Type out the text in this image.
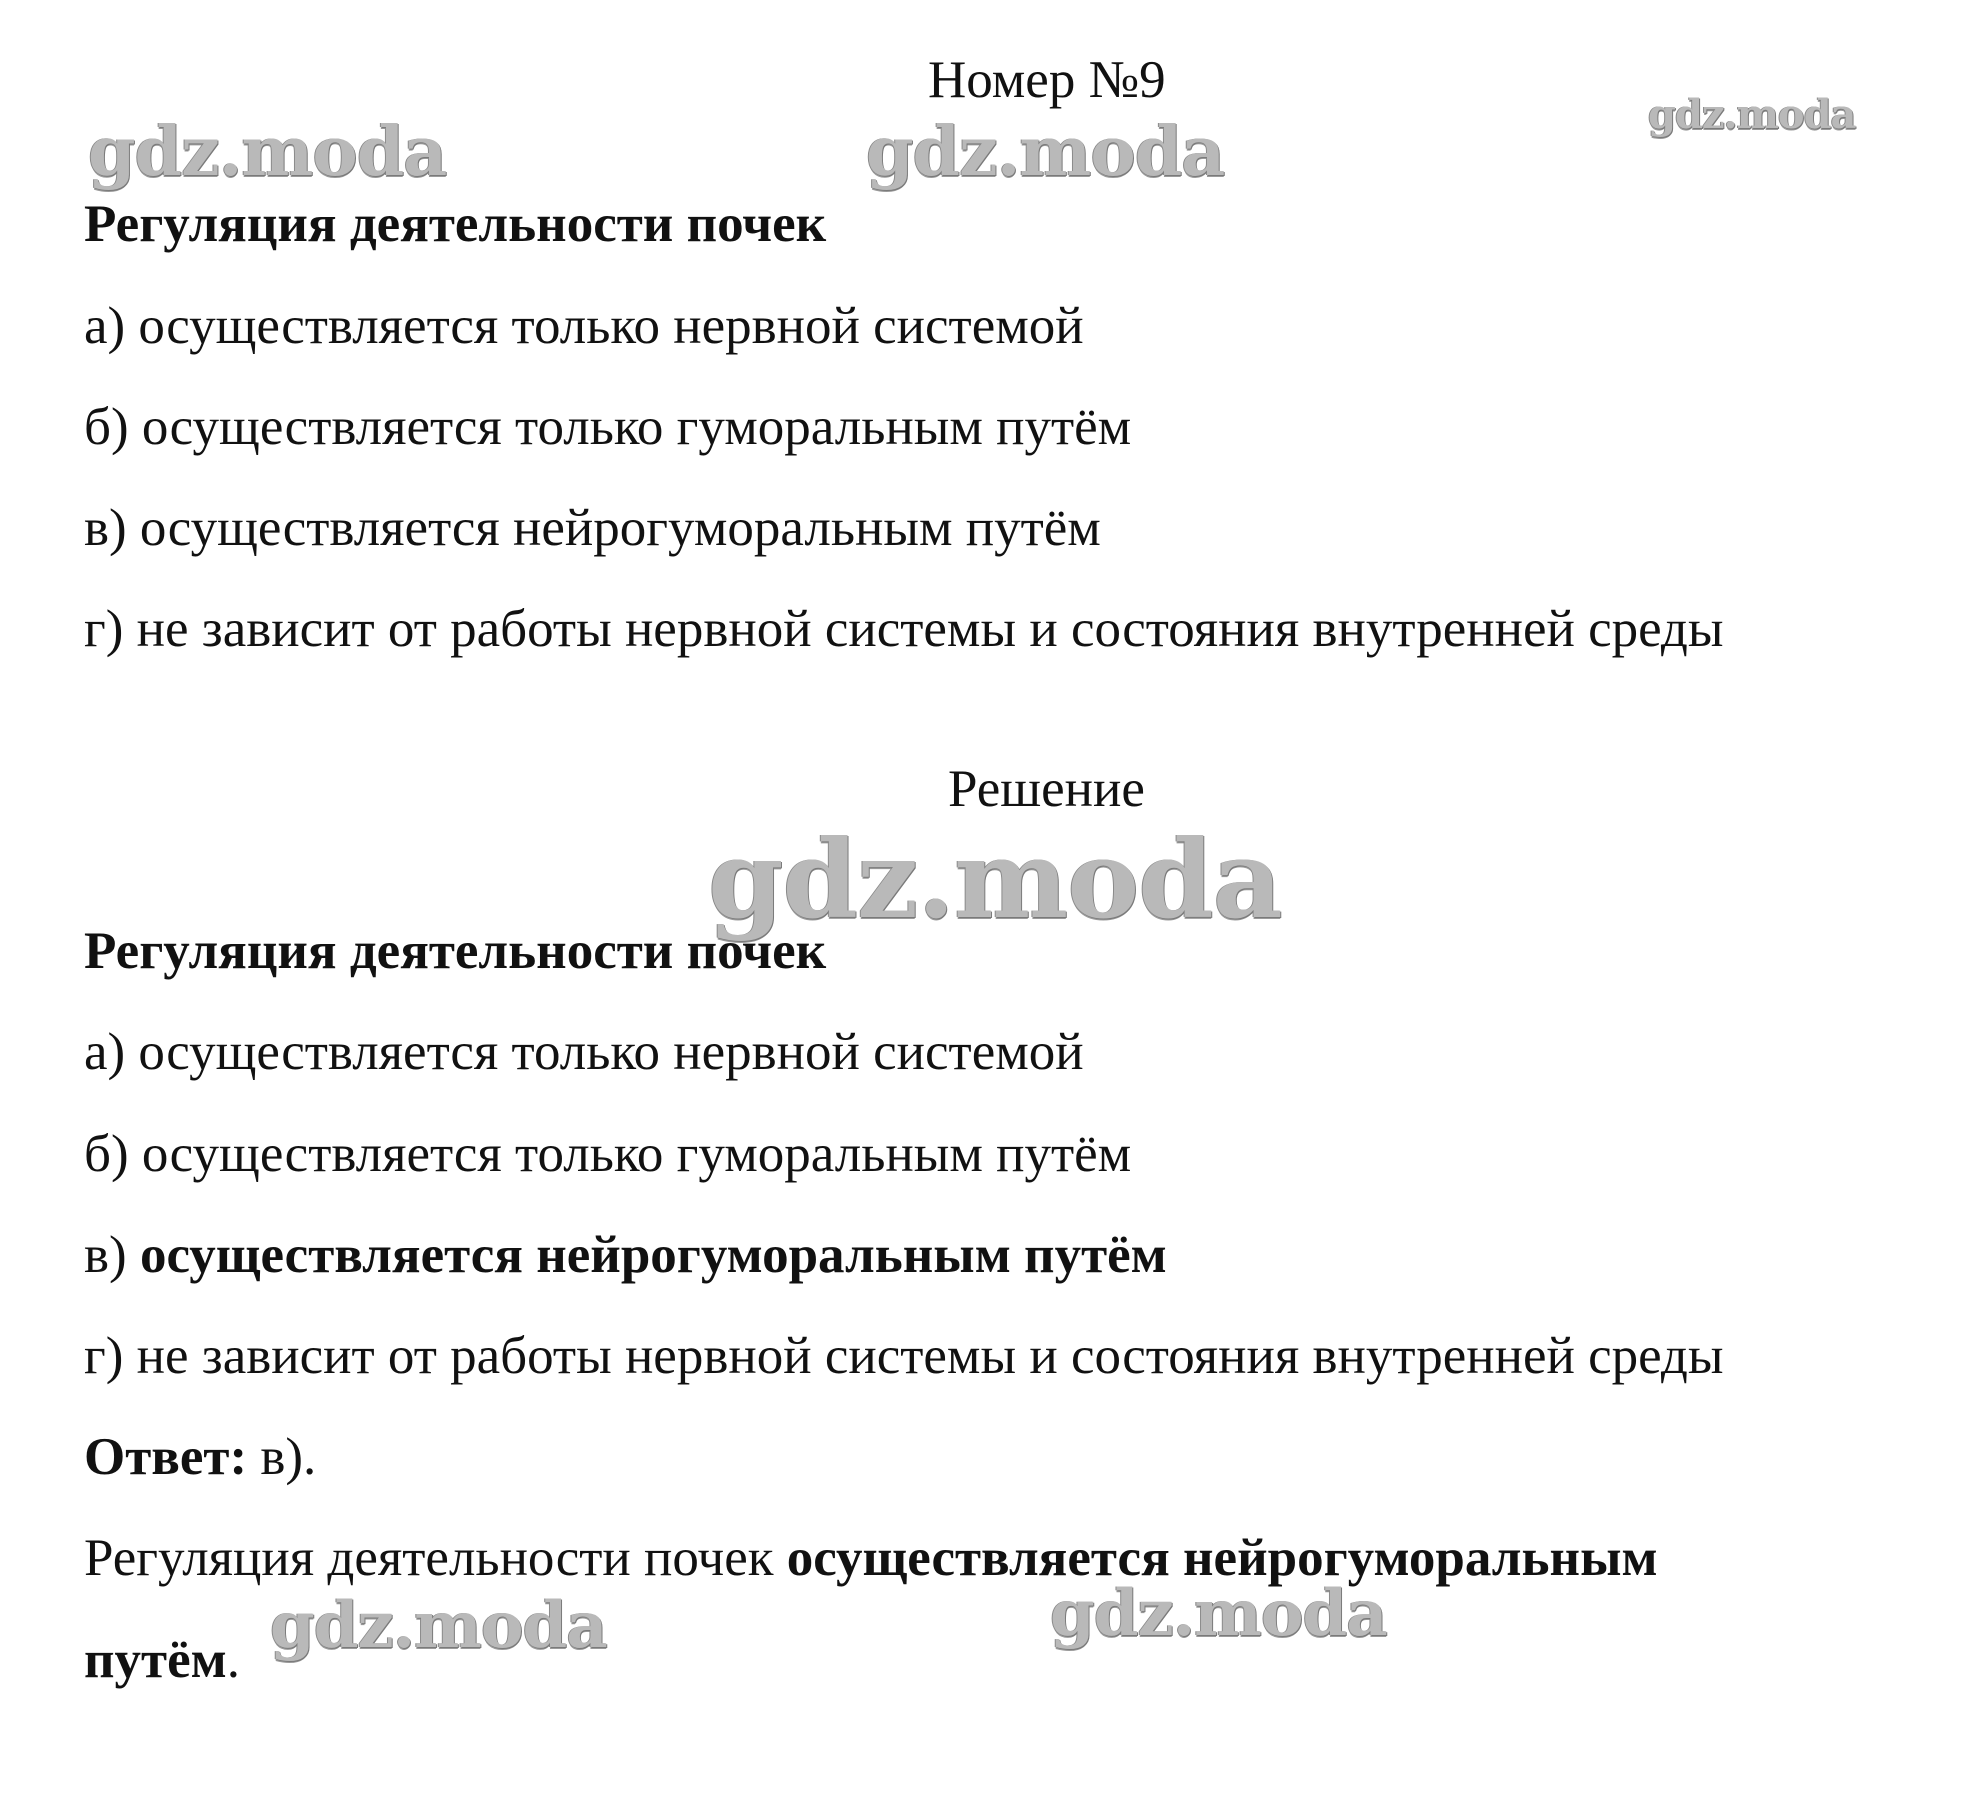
gdz.moda	gdz.moda	gdz.moda
gdz.moda
gdz.moda	gdz.moda
Номер №9
Регуляция деятельности почек
а) осуществляется только нервной системой
б) осуществляется только гуморальным путём
в) осуществляется нейрогуморальным путём
г) не зависит от работы нервной системы и состояния внутренней среды
Решение
Регуляция деятельности почек
а) осуществляется только нервной системой
б) осуществляется только гуморальным путём
в) осуществляется нейрогуморальным путём
г) не зависит от работы нервной системы и состояния внутренней среды
Ответ: в).
Регуляция деятельности почек осуществляется нейрогуморальным
путём.
